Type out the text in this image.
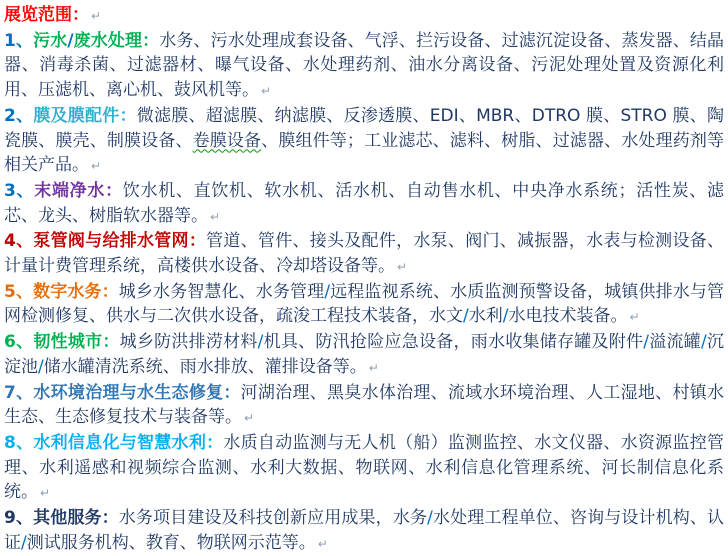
展览范围： ↵

1、污水/废水处理：水务、污水处理成套设备、气浮、拦污设备、过滤沉淀设备、蒸发器、结晶器、消毒杀菌、过滤器材、曝气设备、水处理药剂、油水分离设备、污泥处理处置及资源化利用、压滤机、离心机、鼓风机等。 ↵

2、膜及膜配件：微滤膜、超滤膜、纳滤膜、反渗透膜、EDI、MBR、DTRO 膜、STRO 膜、陶瓷膜、膜壳、制膜设备、卷膜设备、膜组件等；工业滤芯、滤料、树脂、过滤器、水处理药剂等相关产品。 ↵

3、末端净水：饮水机、直饮机、软水机、活水机、自动售水机、中央净水系统；活性炭、滤芯、龙头、树脂软水器等。 ↵

4、泵管阀与给排水管网：管道、管件、接头及配件，水泵、阀门、减振器，水表与检测设备、计量计费管理系统，高楼供水设备、冷却塔设备等。 ↵

5、数字水务：城乡水务智慧化、水务管理/远程监视系统、水质监测预警设备，城镇供排水与管网检测修复、供水与二次供水设备，疏浚工程技术装备，水文/水利/水电技术装备。 ↵

6、韧性城市：城乡防洪排涝材料/机具、防汛抢险应急设备，雨水收集储存罐及附件/溢流罐/沉淀池/储水罐清洗系统、雨水排放、灌排设备等。 ↵

7、水环境治理与水生态修复：河湖治理、黑臭水体治理、流域水环境治理、人工湿地、村镇水生态、生态修复技术与装备等。 ↵

8、水利信息化与智慧水利：水质自动监测与无人机（船）监测监控、水文仪器、水资源监控管理、水利遥感和视频综合监测、水利大数据、物联网、水利信息化管理系统、河长制信息化系统。 ↵

9、其他服务：水务项目建设及科技创新应用成果，水务/水处理工程单位、咨询与设计机构、认证/测试服务机构、教育、物联网示范等。 ↵
